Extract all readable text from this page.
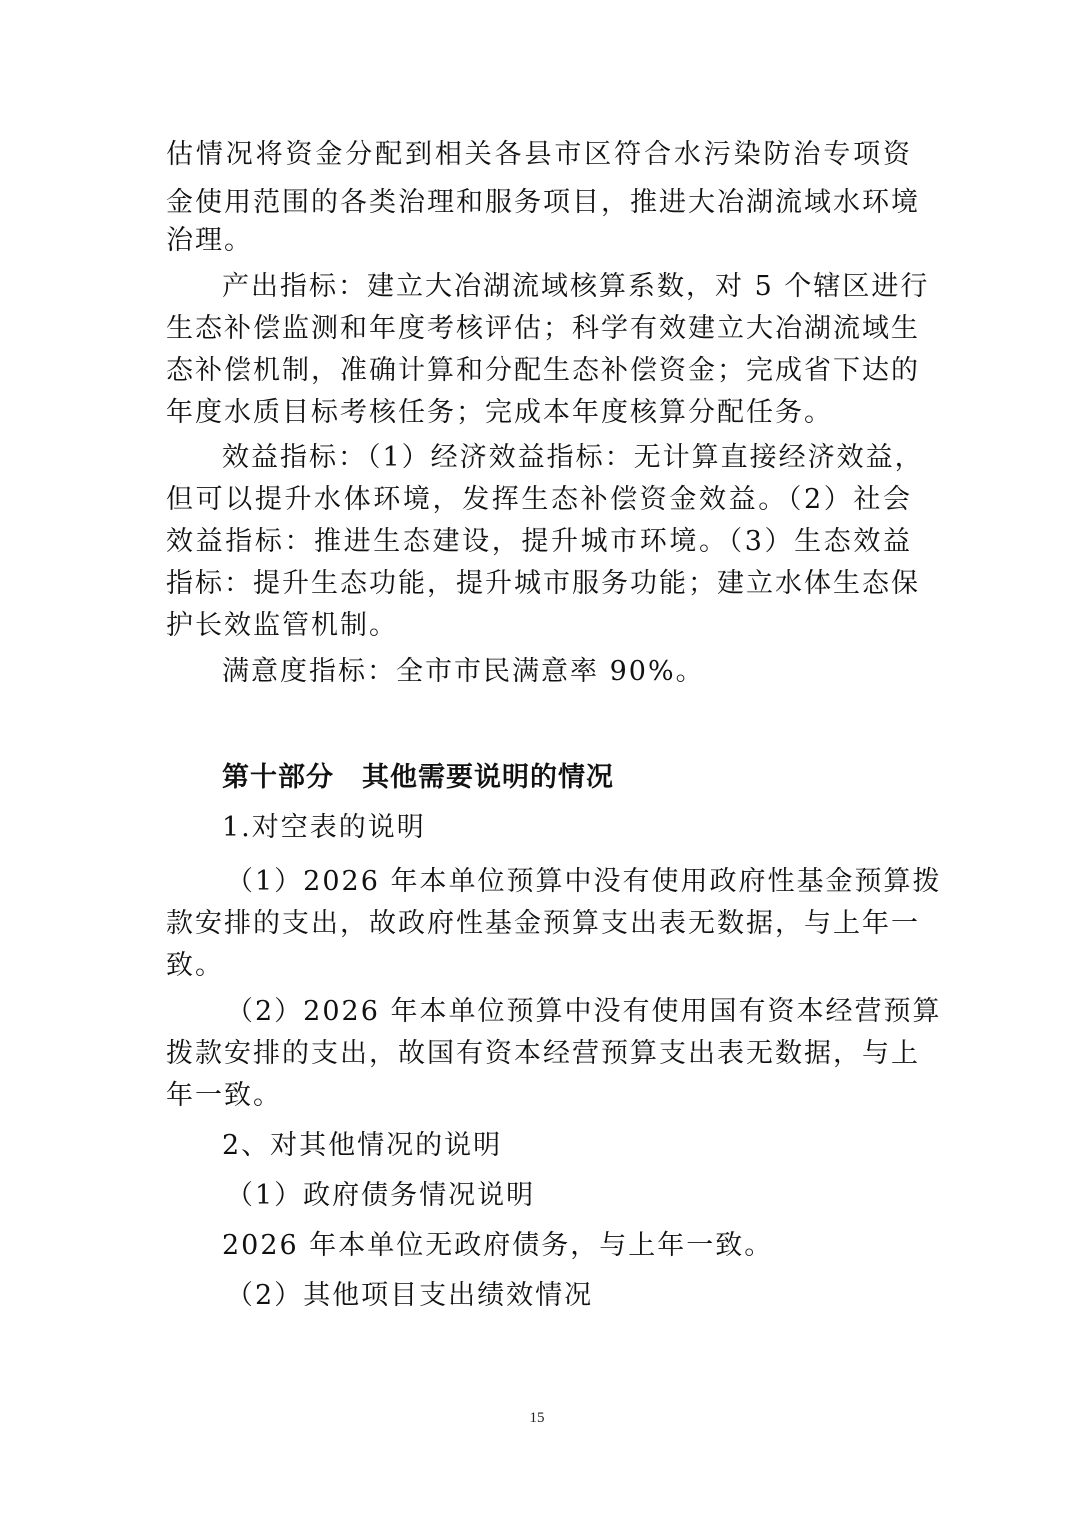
估情况将资金分配到相关各县市区符合水污染防治专项资
金使用范围的各类治理和服务项目，推进大冶湖流域水环境
治理。
产出指标：建立大冶湖流域核算系数，对 5 个辖区进行
生态补偿监测和年度考核评估；科学有效建立大冶湖流域生
态补偿机制，准确计算和分配生态补偿资金；完成省下达的
年度水质目标考核任务；完成本年度核算分配任务。
效益指标：（1）经济效益指标：无计算直接经济效益，
但可以提升水体环境，发挥生态补偿资金效益。（2）社会
效益指标：推进生态建设，提升城市环境。（3）生态效益
指标：提升生态功能，提升城市服务功能；建立水体生态保
护长效监管机制。
满意度指标：全市市民满意率 90%。
第十部分　其他需要说明的情况
1.对空表的说明
（1）2026 年本单位预算中没有使用政府性基金预算拨
款安排的支出，故政府性基金预算支出表无数据，与上年一
致。
（2）2026 年本单位预算中没有使用国有资本经营预算
拨款安排的支出，故国有资本经营预算支出表无数据，与上
年一致。
2、对其他情况的说明
（1）政府债务情况说明
2026 年本单位无政府债务，与上年一致。
（2）其他项目支出绩效情况
15
